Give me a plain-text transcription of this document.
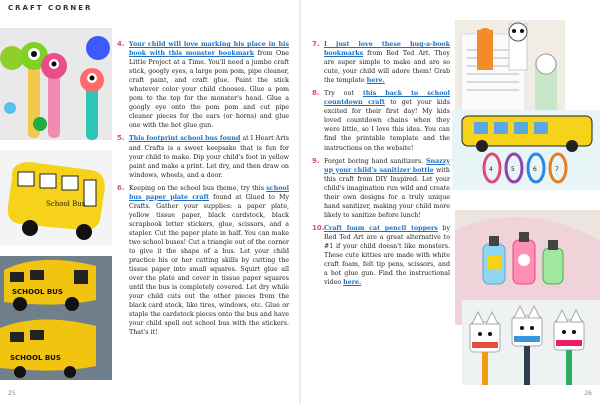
CRAFT CORNER
School Bus
SCHOOL BUS
SCHOOL BUS

4. Your child will love marking his place in his book with this monster bookmark from One Little Project at a Time. You'll need a jumbo craft stick, googly eyes, a large pom pom, pipe cleaner, craft paint, and craft glue. Paint the stick whatever color your child chooses. Glue a pom pom to the top for the monster's head. Glue a googly eye onto the pom pom and cut pipe cleaner pieces for the ears (or horns) and glue one with the hot glue gun.

5. This footprint school bus found at I Heart Arts and Crafts is a sweet keepsake that is fun for your child to make. Dip your child's foot in yellow paint and make a print. Let dry, and then draw on windows, wheels, and a door.

6. Keeping on the school bus theme, try this school bus paper plate craft found at Glued to My Crafts. Gather your supplies: a paper plate, yellow tissue paper, black cardstock, black scrapbook letter stickers, glue, scissors, and a stapler. Cut the paper plate in half. You can make two school buses! Cut a triangle out of the corner to give it the shape of a bus. Let your child practice his or her cutting skills by cutting the tissue paper into small squares. Squirt glue all over the plate and cover in tissue paper squares until the bus is completely covered. Let dry while your child cuts out the other pieces from the black card stock, like tires, windows, etc. Glue or staple the cardstock pieces onto the bus and have your child spell out school bus with the stickers. That's it!

7. I just love these hug-a-book bookmarks from Red Ted Art. They are super simple to make and are so cute, your child will adore them! Grab the template here.

8. Try out this back to school countdown craft to get your kids excited for their first day! My kids loved countdown chains when they were little, so I love this idea. You can find the printable template and the instructions on the website!

9. Forget boring hand sanitizers. Snazzy up your child's sanitizer bottle with this craft from DIY Inspired. Let your child's imagination run wild and create their own designs for a truly unique hand sanitizer, making your child more likely to sanitize before lunch!

10. Craft foam cat pencil toppers by Red Ted Art are a great alternative to #1 if your child doesn't like monsters. These cute kitties are made with white craft foam, felt tip pens, scissors, and a hot glue gun. Find the instructional video here.

4	5	6	7
25	26
